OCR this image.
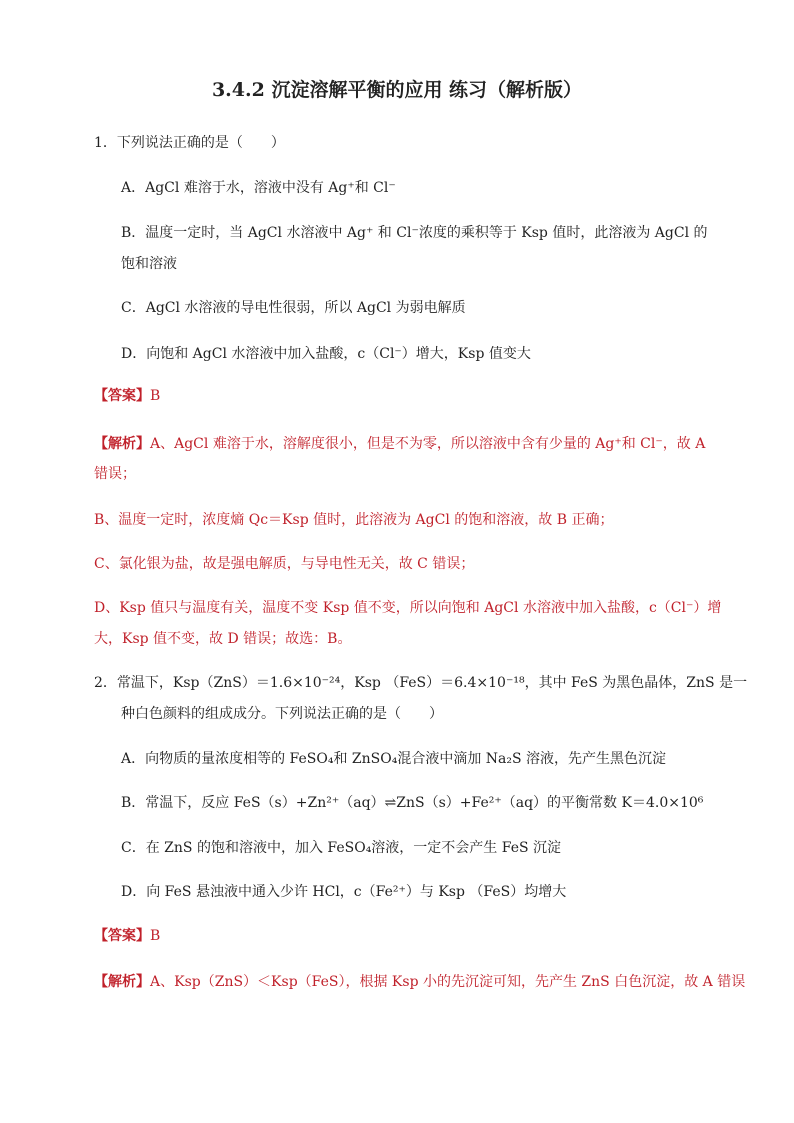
3.4.2 沉淀溶解平衡的应用 练习（解析版）
1．下列说法正确的是（　　）
A．AgCl 难溶于水，溶液中没有 Ag⁺和 Cl⁻
B．温度一定时，当 AgCl 水溶液中 Ag⁺ 和 Cl⁻浓度的乘积等于 Ksp 值时，此溶液为 AgCl 的
饱和溶液
C．AgCl 水溶液的导电性很弱，所以 AgCl 为弱电解质
D．向饱和 AgCl 水溶液中加入盐酸，c（Cl⁻）增大，Ksp 值变大
【答案】B
【解析】A、AgCl 难溶于水，溶解度很小，但是不为零，所以溶液中含有少量的 Ag⁺和 Cl⁻，故 A
错误；
B、温度一定时，浓度熵 Qc＝Ksp 值时，此溶液为 AgCl 的饱和溶液，故 B 正确；
C、氯化银为盐，故是强电解质，与导电性无关，故 C 错误；
D、Ksp 值只与温度有关，温度不变 Ksp 值不变，所以向饱和 AgCl 水溶液中加入盐酸，c（Cl⁻）增
大，Ksp 值不变，故 D 错误；故选：B。
2．常温下，Ksp（ZnS）＝1.6×10⁻²⁴，Ksp （FeS）＝6.4×10⁻¹⁸，其中 FeS 为黑色晶体，ZnS 是一
种白色颜料的组成成分。下列说法正确的是（　　）
A．向物质的量浓度相等的 FeSO₄和 ZnSO₄混合液中滴加 Na₂S 溶液，先产生黑色沉淀
B．常温下，反应 FeS（s）+Zn²⁺（aq）⇌ZnS（s）+Fe²⁺（aq）的平衡常数 K＝4.0×10⁶
C．在 ZnS 的饱和溶液中，加入 FeSO₄溶液，一定不会产生 FeS 沉淀
D．向 FeS 悬浊液中通入少许 HCl，c（Fe²⁺）与 Ksp （FeS）均增大
【答案】B
【解析】A、Ksp（ZnS）＜Ksp（FeS），根据 Ksp 小的先沉淀可知，先产生 ZnS 白色沉淀，故 A 错误
